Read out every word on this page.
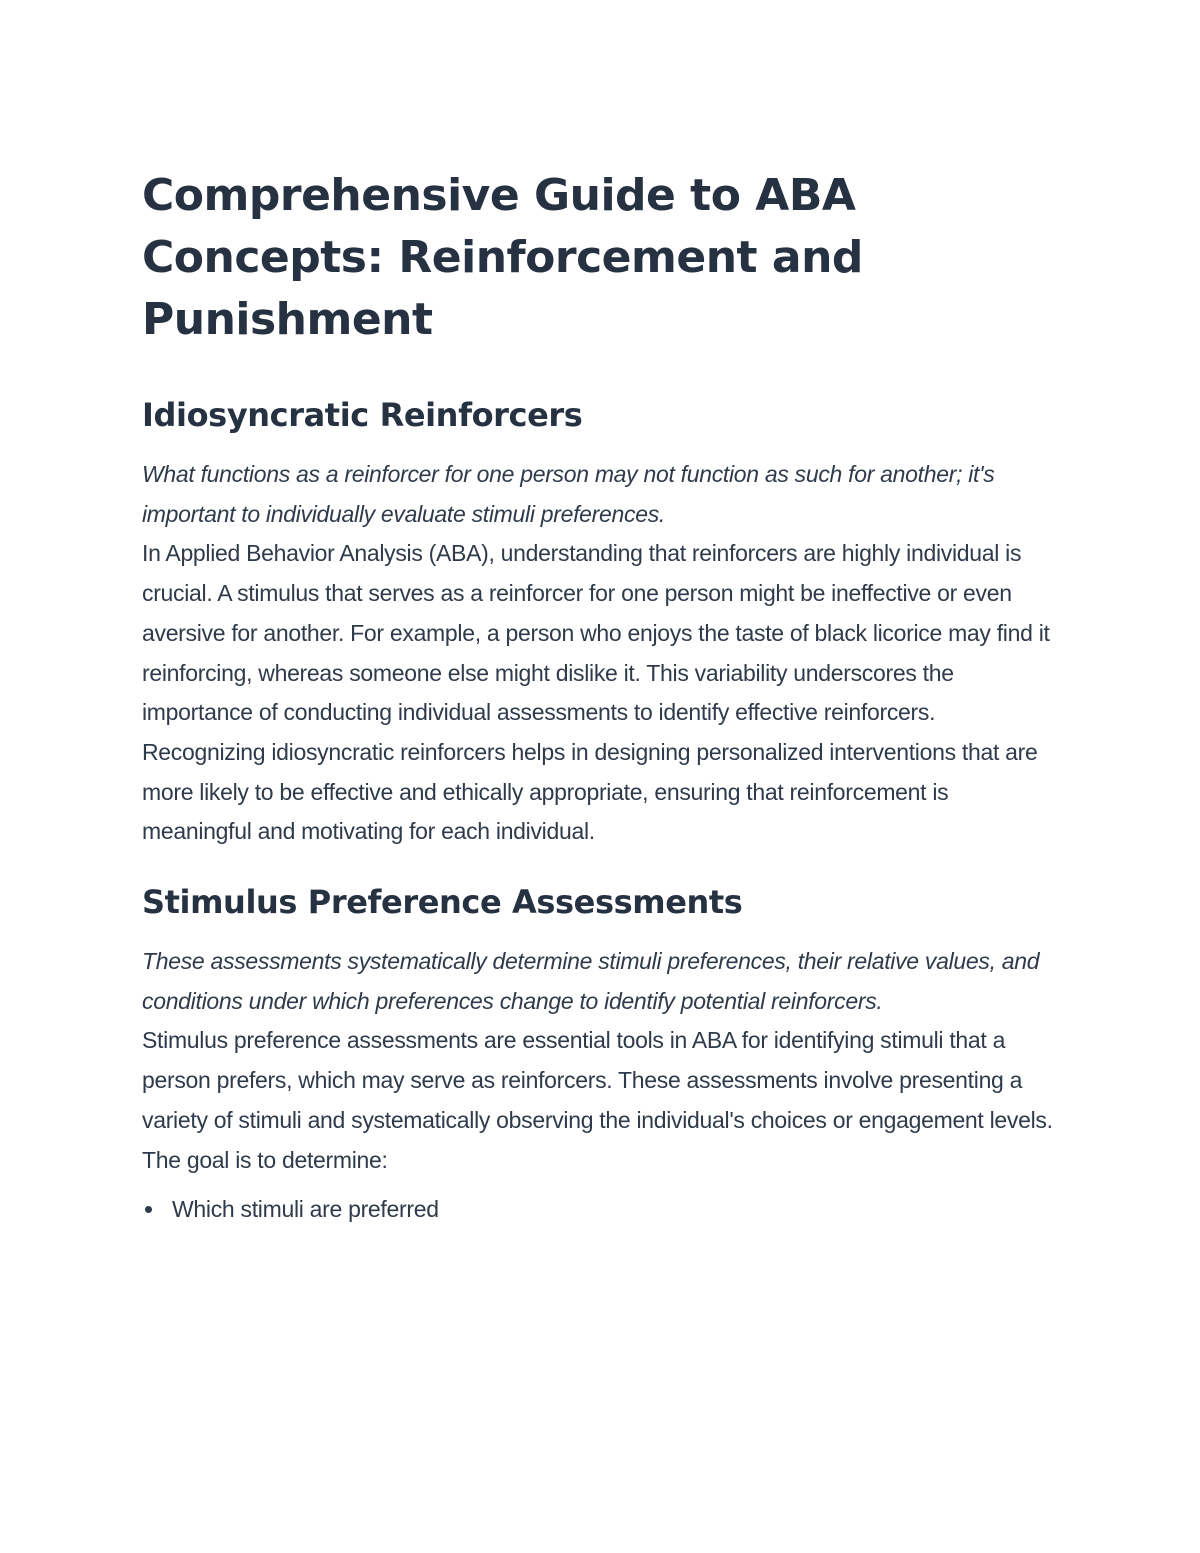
Comprehensive Guide to ABA Concepts: Reinforcement and Punishment
Idiosyncratic Reinforcers

What functions as a reinforcer for one person may not function as such for another; it's important to individually evaluate stimuli preferences.

In Applied Behavior Analysis (ABA), understanding that reinforcers are highly individual is crucial. A stimulus that serves as a reinforcer for one person might be ineffective or even aversive for another. For example, a person who enjoys the taste of black licorice may find it reinforcing, whereas someone else might dislike it. This variability underscores the importance of conducting individual assessments to identify effective reinforcers. Recognizing idiosyncratic reinforcers helps in designing personalized interventions that are more likely to be effective and ethically appropriate, ensuring that reinforcement is meaningful and motivating for each individual.

Stimulus Preference Assessments

These assessments systematically determine stimuli preferences, their relative values, and conditions under which preferences change to identify potential reinforcers.

Stimulus preference assessments are essential tools in ABA for identifying stimuli that a person prefers, which may serve as reinforcers. These assessments involve presenting a variety of stimuli and systematically observing the individual's choices or engagement levels. The goal is to determine:

Which stimuli are preferred
